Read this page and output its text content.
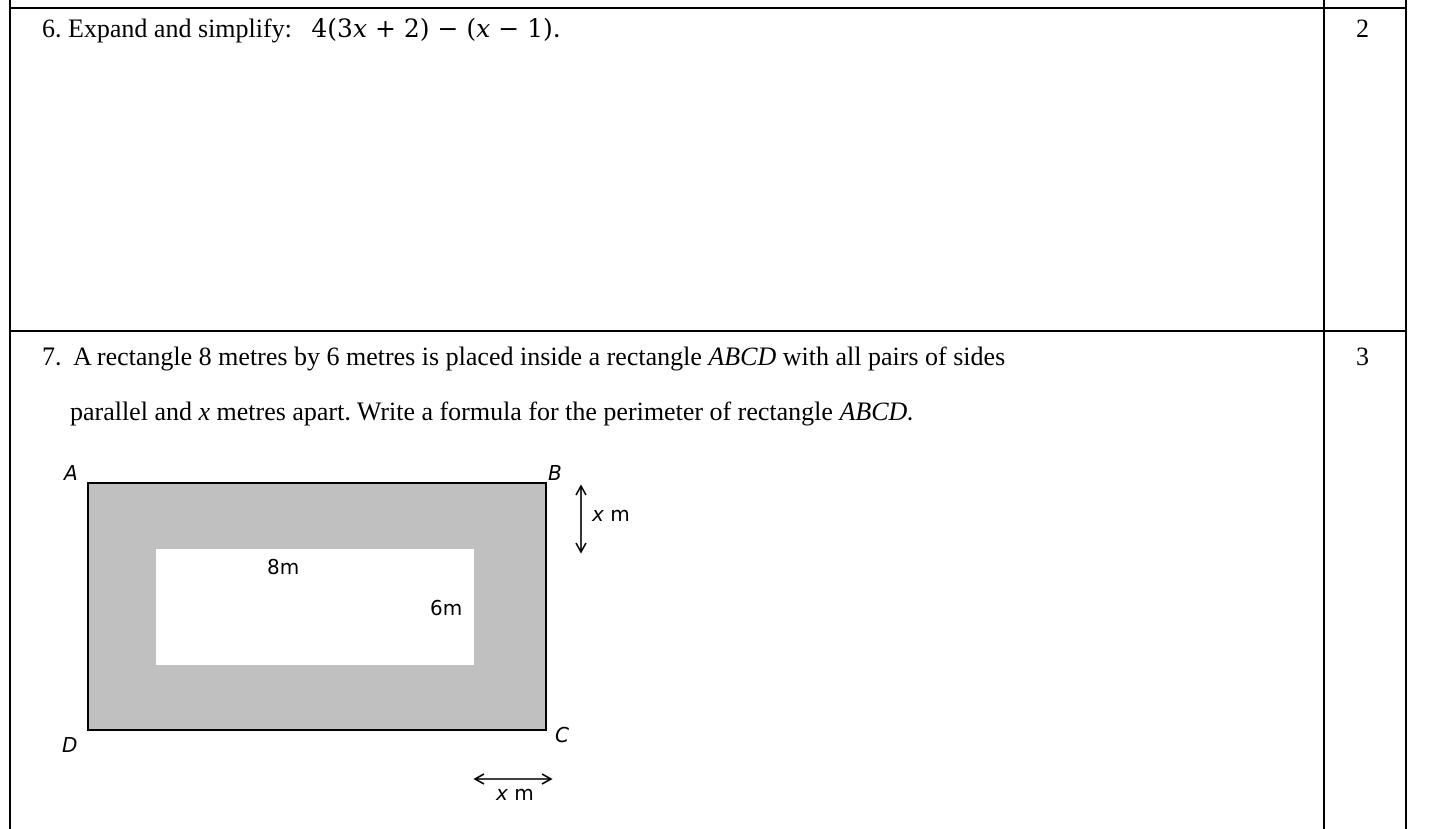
6. Expand and simplify: 4(3x + 2) − (x − 1).	2
7. A rectangle 8 metres by 6 metres is placed inside a rectangle ABCD with all pairs of sides
parallel and x metres apart. Write a formula for the perimeter of rectangle ABCD.
3
A	B
C
D
8m
6m
x m
x m
